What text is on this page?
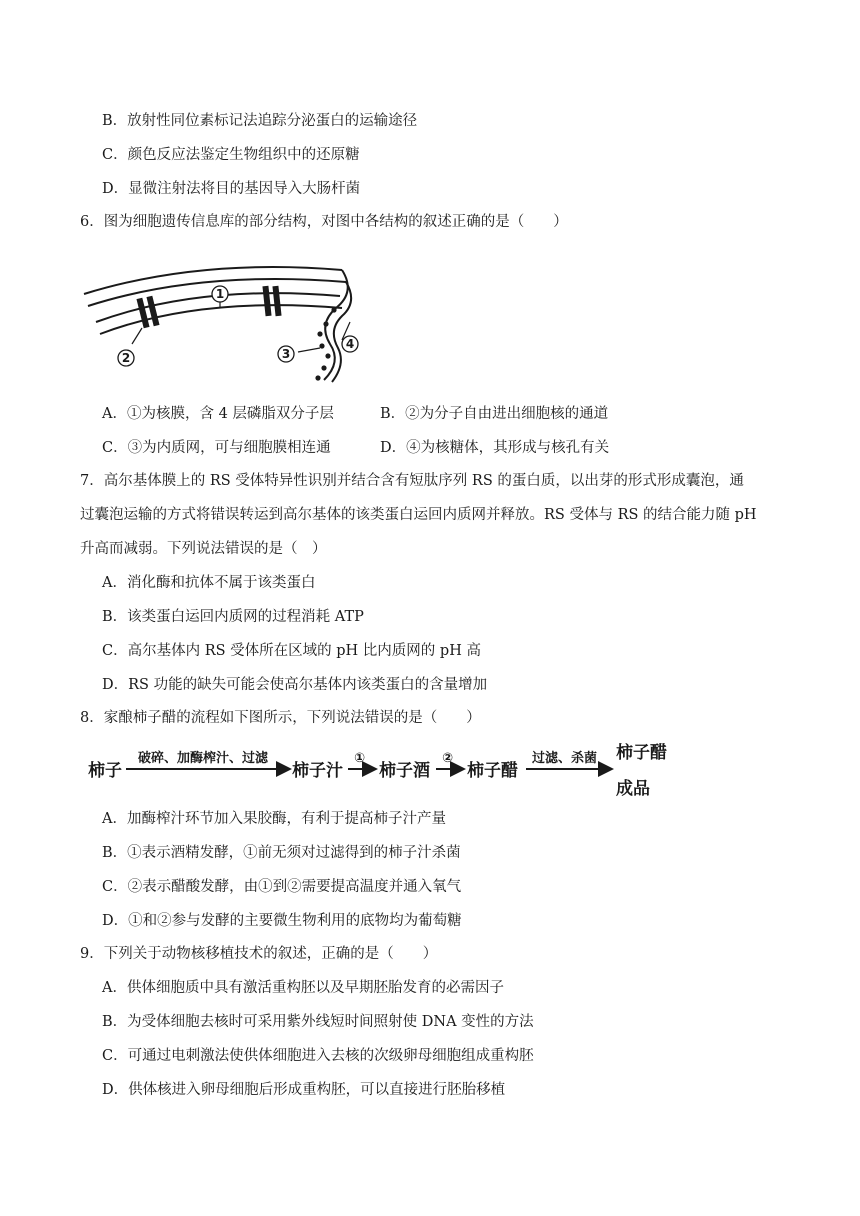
B．放射性同位素标记法追踪分泌蛋白的运输途径
C．颜色反应法鉴定生物组织中的还原糖
D．显微注射法将目的基因导入大肠杆菌
6．图为细胞遗传信息库的部分结构，对图中各结构的叙述正确的是（　　）
1
2	3
4
A．①为核膜，含 4 层磷脂双分子层	B．②为分子自由进出细胞核的通道
C．③为内质网，可与细胞膜相连通	D．④为核糖体，其形成与核孔有关
7．高尔基体膜上的 RS 受体特异性识别并结合含有短肽序列 RS 的蛋白质，以出芽的形式形成囊泡，通
过囊泡运输的方式将错误转运到高尔基体的该类蛋白运回内质网并释放。RS 受体与 RS 的结合能力随 pH
升高而减弱。下列说法错误的是（　）
A．消化酶和抗体不属于该类蛋白
B．该类蛋白运回内质网的过程消耗 ATP
C．高尔基体内 RS 受体所在区域的 pH 比内质网的 pH 高
D．RS 功能的缺失可能会使高尔基体内该类蛋白的含量增加
8．家酿柿子醋的流程如下图所示，下列说法错误的是（　　）
柿子
破碎、加酶榨汁、过滤
柿子汁
①
柿子酒
②
柿子醋
过滤、杀菌 柿子醋
成品
A．加酶榨汁环节加入果胶酶，有利于提高柿子汁产量
B．①表示酒精发酵，①前无须对过滤得到的柿子汁杀菌
C．②表示醋酸发酵，由①到②需要提高温度并通入氧气
D．①和②参与发酵的主要微生物利用的底物均为葡萄糖
9．下列关于动物核移植技术的叙述，正确的是（　　）
A．供体细胞质中具有激活重构胚以及早期胚胎发育的必需因子
B．为受体细胞去核时可采用紫外线短时间照射使 DNA 变性的方法
C．可通过电刺激法使供体细胞进入去核的次级卵母细胞组成重构胚
D．供体核进入卵母细胞后形成重构胚，可以直接进行胚胎移植
